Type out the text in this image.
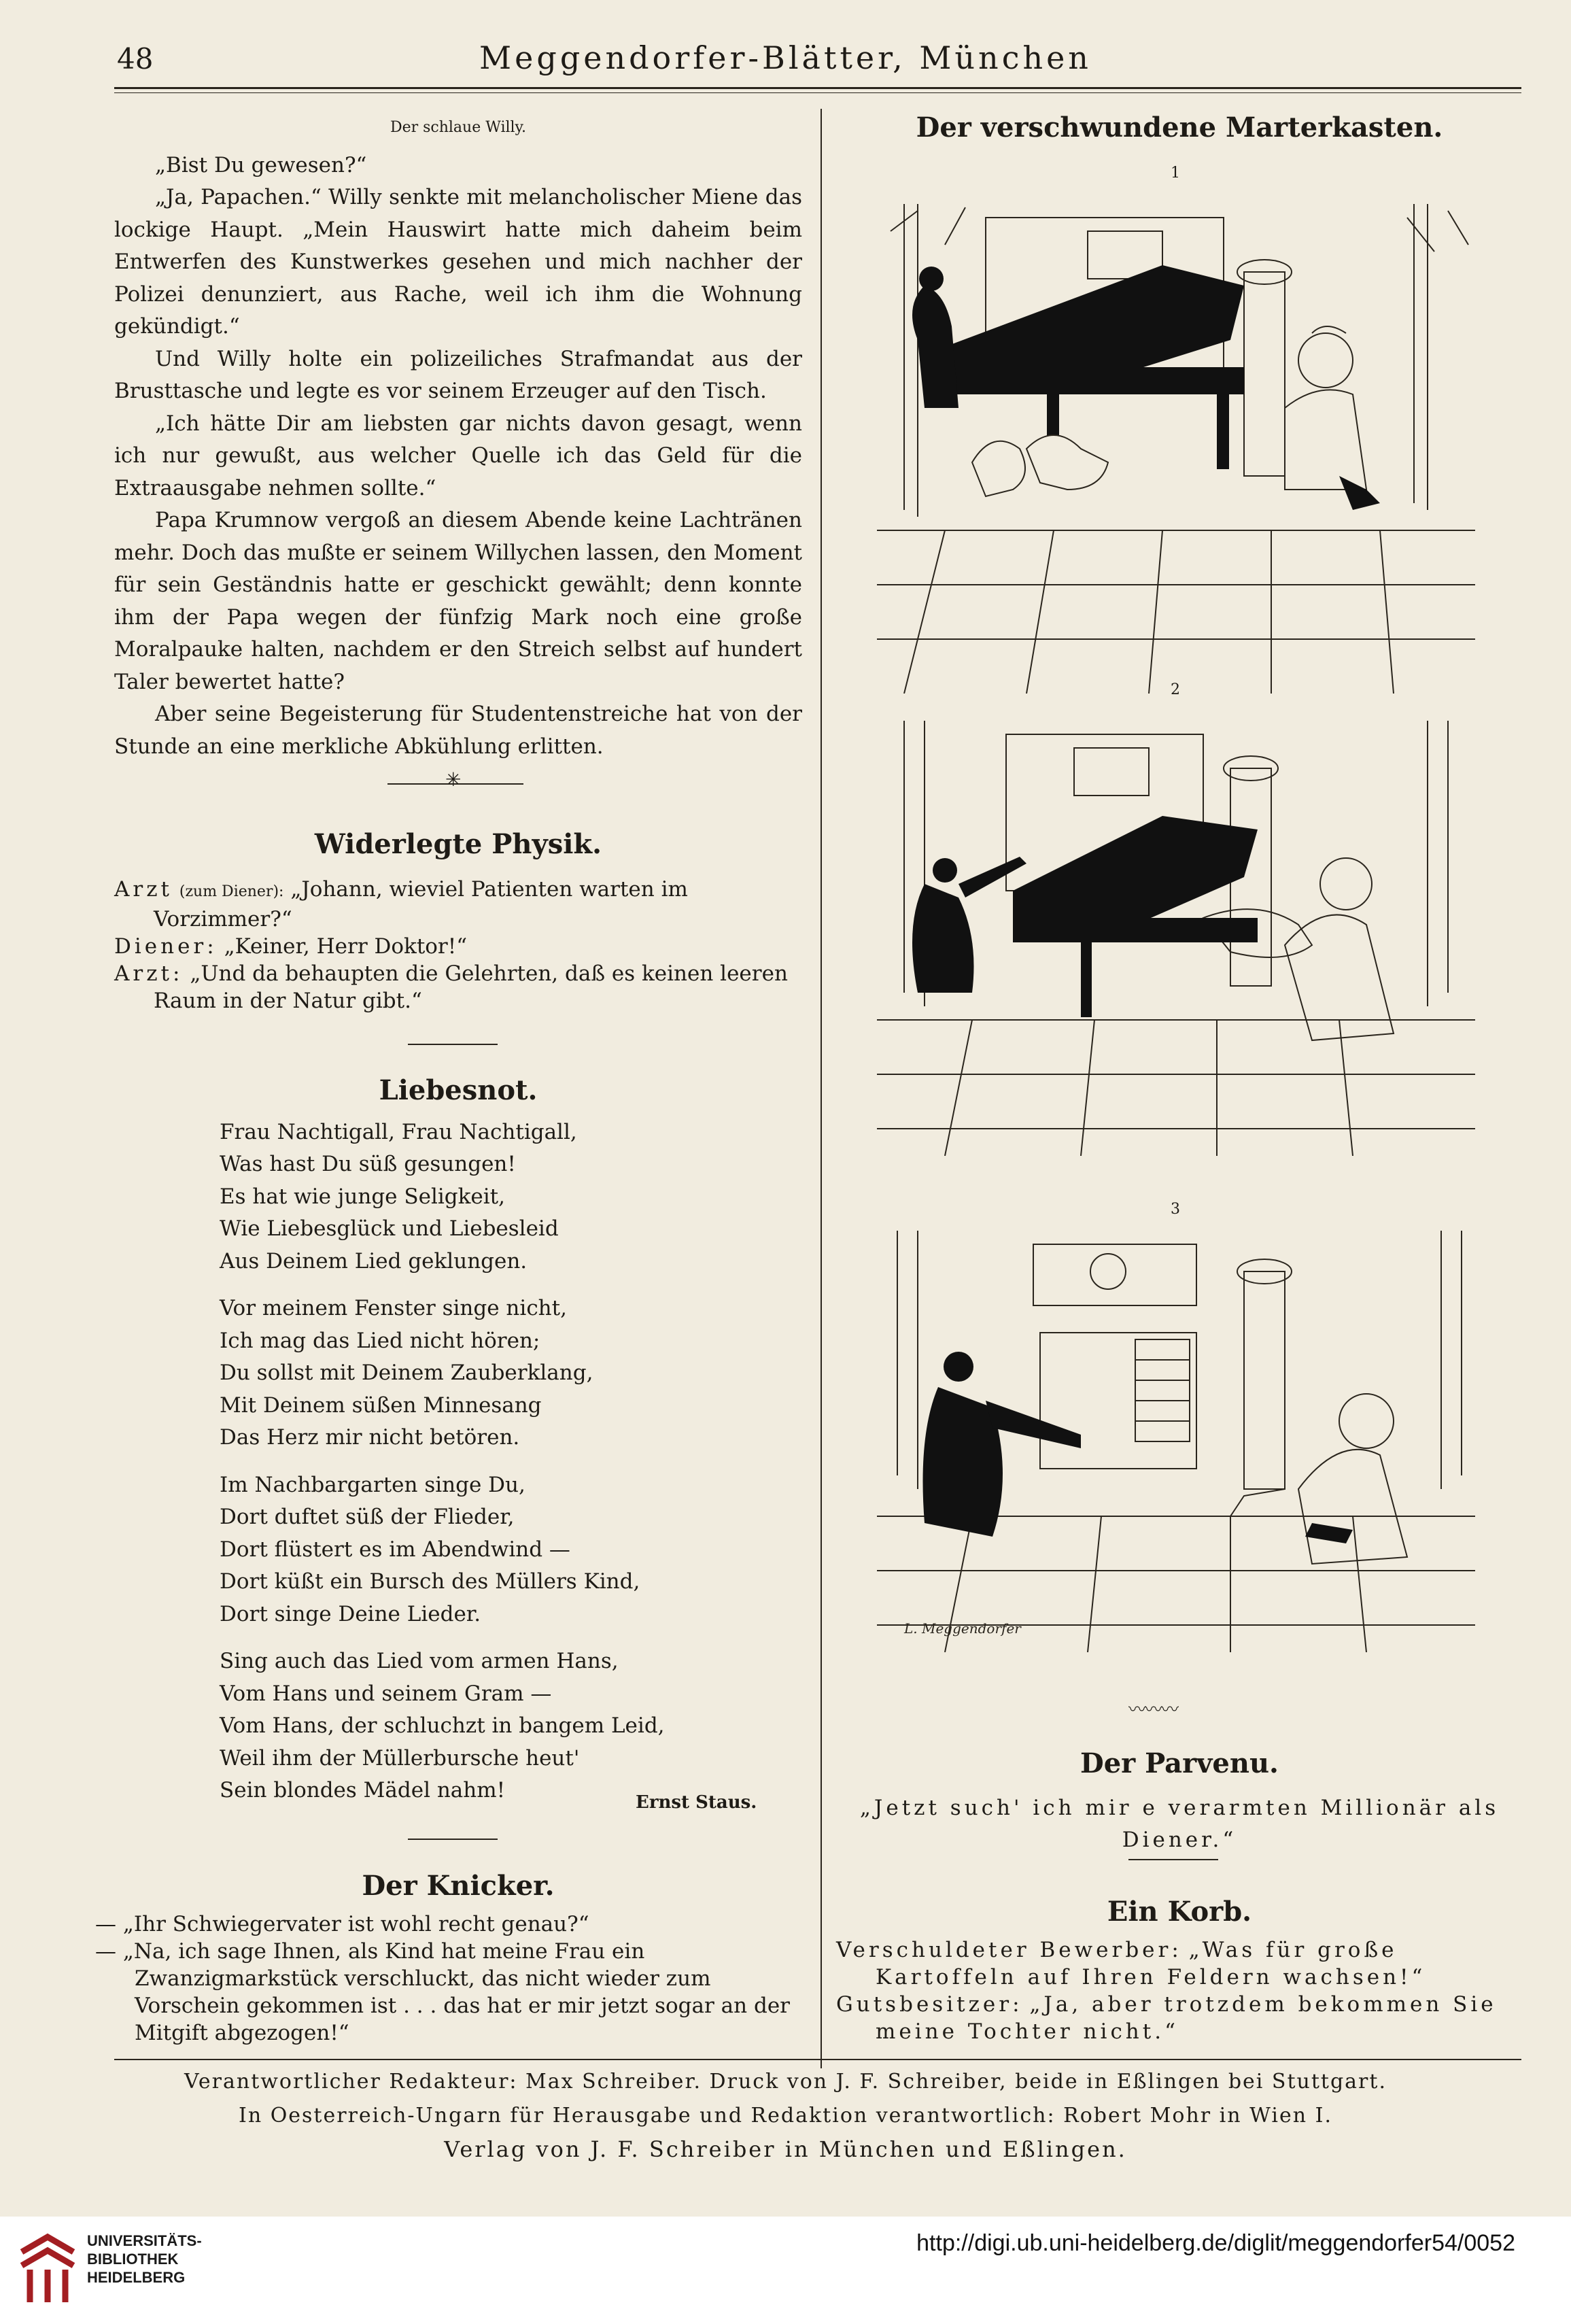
48	Meggendorfer-Blätter, München
Der schlaue Willy.

„Bist Du gewesen?“

„Ja, Papachen.“ Willy senkte mit melancholischer Miene das lockige Haupt. „Mein Hauswirt hatte mich daheim beim Entwerfen des Kunstwerkes gesehen und mich nachher der Polizei denunziert, aus Rache, weil ich ihm die Wohnung gekündigt.“

Und Willy holte ein polizeiliches Strafmandat aus der Brusttasche und legte es vor seinem Erzeuger auf den Tisch.

„Ich hätte Dir am liebsten gar nichts davon gesagt, wenn ich nur gewußt, aus welcher Quelle ich das Geld für die Extraausgabe nehmen sollte.“

Papa Krumnow vergoß an diesem Abende keine Lachtränen mehr. Doch das mußte er seinem Willychen lassen, den Moment für sein Geständnis hatte er geschickt gewählt; denn konnte ihm der Papa wegen der fünfzig Mark noch eine große Moralpauke halten, nachdem er den Streich selbst auf hundert Taler bewertet hatte?

Aber seine Begeisterung für Studentenstreiche hat von der Stunde an eine merkliche Abkühlung erlitten.

✳
Widerlegte Physik.
Arzt (zum Diener): „Johann, wieviel Patienten warten im Vorzimmer?“
Diener: „Keiner, Herr Doktor!“
Arzt: „Und da behaupten die Gelehrten, daß es keinen leeren Raum in der Natur gibt.“
Liebesnot.
Frau Nachtigall, Frau Nachtigall,
Was hast Du süß gesungen!
Es hat wie junge Seligkeit,
Wie Liebesglück und Liebesleid
Aus Deinem Lied geklungen.
Vor meinem Fenster singe nicht,
Ich mag das Lied nicht hören;
Du sollst mit Deinem Zauberklang,
Mit Deinem süßen Minnesang
Das Herz mir nicht betören.
Im Nachbargarten singe Du,
Dort duftet süß der Flieder,
Dort flüstert es im Abendwind —
Dort küßt ein Bursch des Müllers Kind,
Dort singe Deine Lieder.
Sing auch das Lied vom armen Hans,
Vom Hans und seinem Gram —
Vom Hans, der schluchzt in bangem Leid,
Weil ihm der Müllerbursche heut'
Sein blondes Mädel nahm!	Ernst Staus.
Der Knicker.
— „Ihr Schwiegervater ist wohl recht genau?“
— „Na, ich sage Ihnen, als Kind hat meine Frau ein Zwanzigmarkstück verschluckt, das nicht wieder zum Vorschein gekommen ist . . . das hat er mir jetzt sogar an der Mitgift abgezogen!“
Der verschwundene Marterkasten.
1
2
3
L. Meggendorfer
〰〰〰
Der Parvenu.
„Jetzt such' ich mir e verarmten Millionär als Diener.“
Ein Korb.
Verschuldeter Bewerber: „Was für große Kartoffeln auf Ihren Feldern wachsen!“
Gutsbesitzer: „Ja, aber trotzdem bekommen Sie meine Tochter nicht.“
Verantwortlicher Redakteur: Max Schreiber. Druck von J. F. Schreiber, beide in Eßlingen bei Stuttgart.
In Oesterreich-Ungarn für Herausgabe und Redaktion verantwortlich: Robert Mohr in Wien I.
Verlag von J. F. Schreiber in München und Eßlingen.
UNIVERSITÄTS-
BIBLIOTHEK
HEIDELBERG
http://digi.ub.uni-heidelberg.de/diglit/meggendorfer54/0052
